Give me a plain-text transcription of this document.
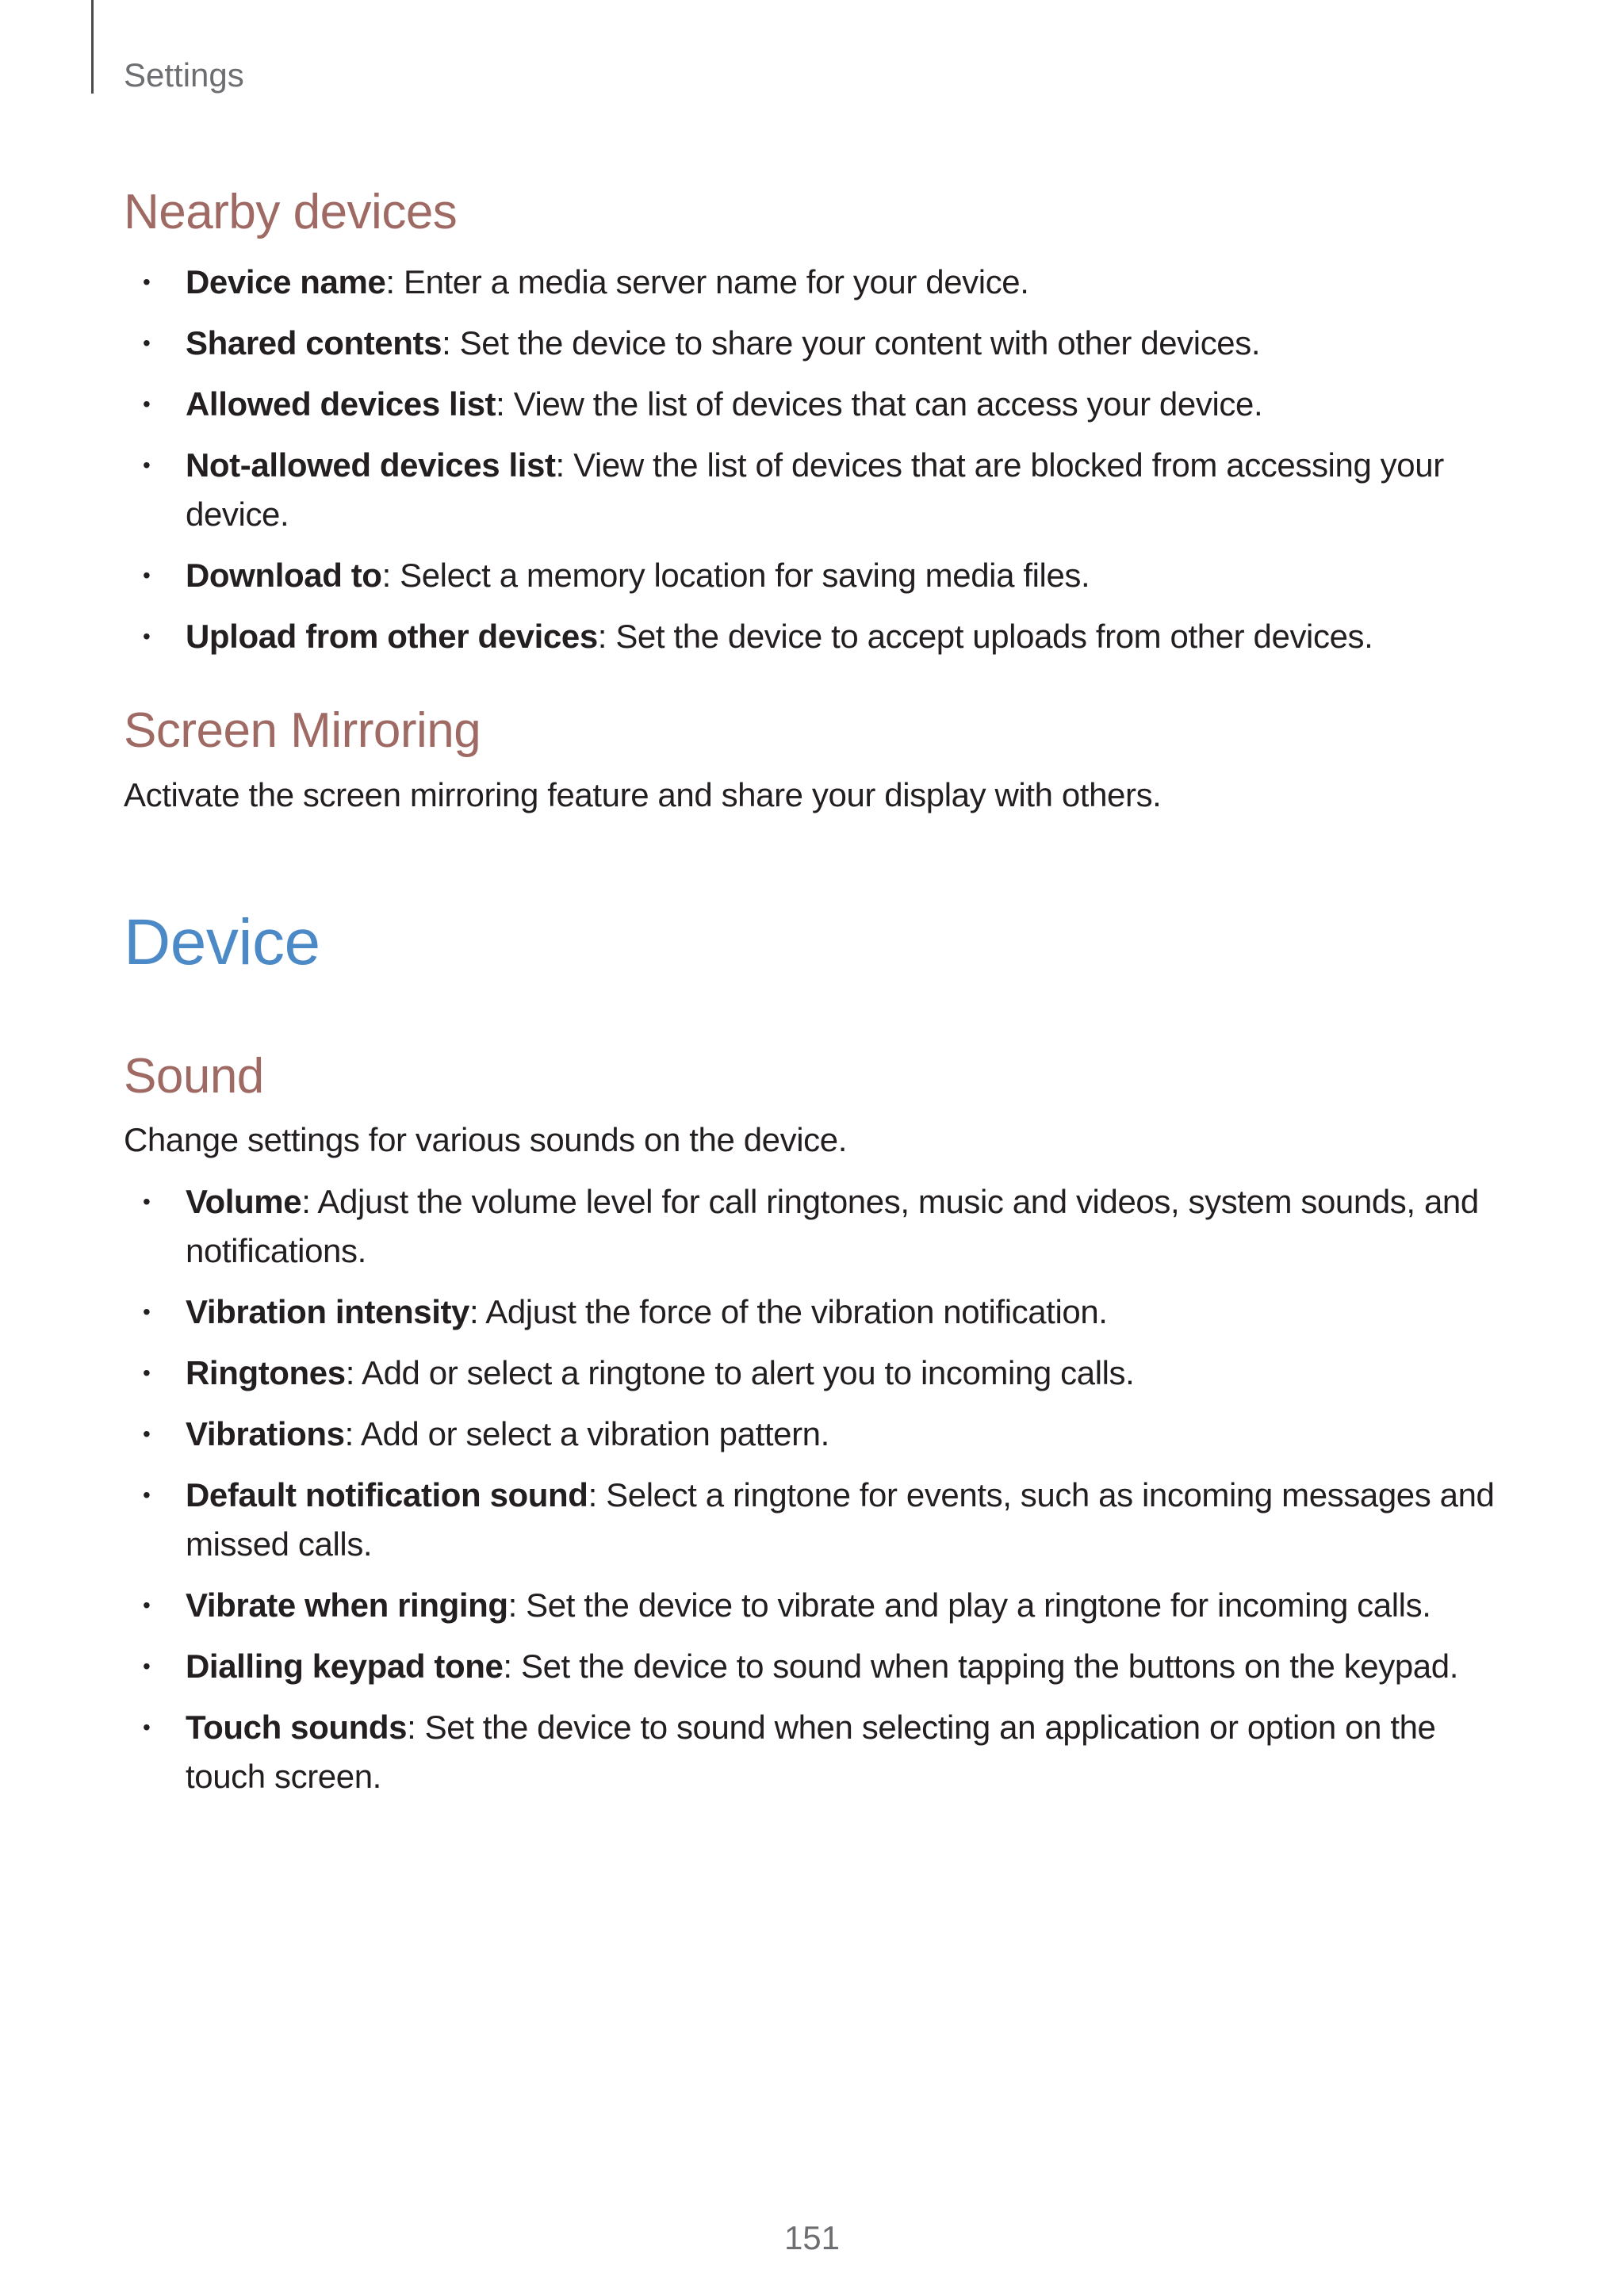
Settings
Nearby devices
• Device name: Enter a media server name for your device.
• Shared contents: Set the device to share your content with other devices.
• Allowed devices list: View the list of devices that can access your device.
• Not-allowed devices list: View the list of devices that are blocked from accessing your device.
• Download to: Select a memory location for saving media files.
• Upload from other devices: Set the device to accept uploads from other devices.
Screen Mirroring

Activate the screen mirroring feature and share your display with others.

Device
Sound

Change settings for various sounds on the device.

• Volume: Adjust the volume level for call ringtones, music and videos, system sounds, and notifications.
• Vibration intensity: Adjust the force of the vibration notification.
• Ringtones: Add or select a ringtone to alert you to incoming calls.
• Vibrations: Add or select a vibration pattern.
• Default notification sound: Select a ringtone for events, such as incoming messages and missed calls.
• Vibrate when ringing: Set the device to vibrate and play a ringtone for incoming calls.
• Dialling keypad tone: Set the device to sound when tapping the buttons on the keypad.
• Touch sounds: Set the device to sound when selecting an application or option on the touch screen.
151
